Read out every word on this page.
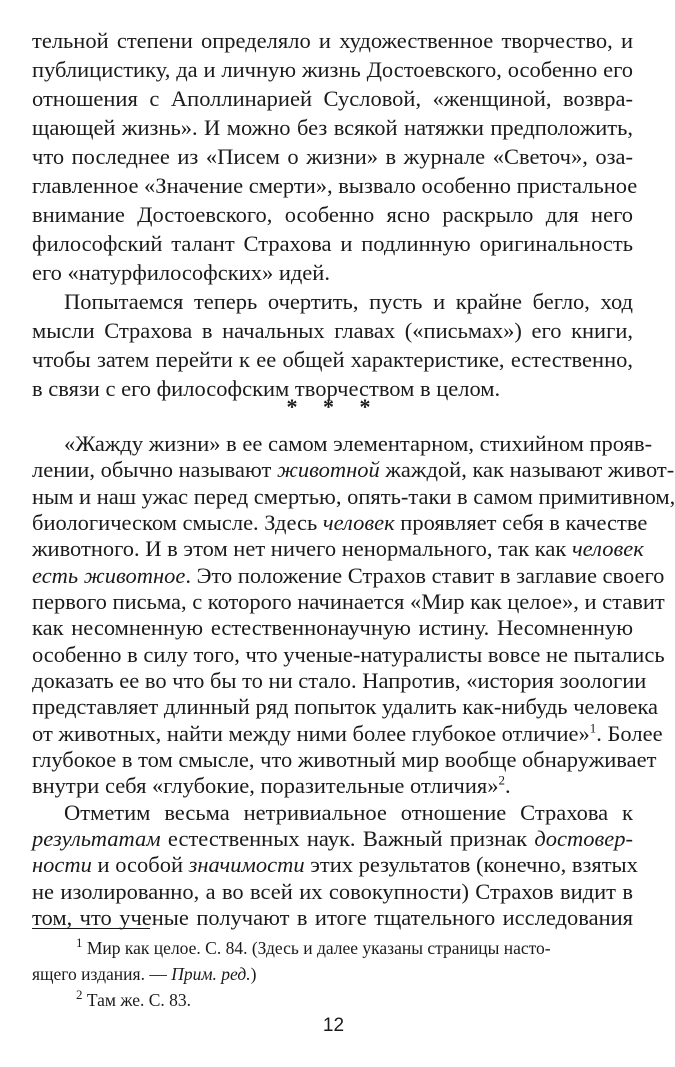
тельной степени определяло и художественное творчество, и
публицистику, да и личную жизнь Достоевского, особенно его
отношения с Аполлинарией Сусловой, «женщиной, возвра-
щающей жизнь». И можно без всякой натяжки предположить,
что последнее из «Писем о жизни» в журнале «Светоч», оза-
главленное «Значение смерти», вызвало особенно пристальное
внимание Достоевского, особенно ясно раскрыло для него
философский талант Страхова и подлинную оригинальность
его «натурфилософских» идей.
Попытаемся теперь очертить, пусть и крайне бегло, ход
мысли Страхова в начальных главах («письмах») его книги,
чтобы затем перейти к ее общей характеристике, естественно,
в связи с его философским творчеством в целом.
* * *
«Жажду жизни» в ее самом элементарном, стихийном прояв-
лении, обычно называют животной жаждой, как называют живот-
ным и наш ужас перед смертью, опять-таки в самом примитивном,
биологическом смысле. Здесь человек проявляет себя в качестве
животного. И в этом нет ничего ненормального, так как человек
есть животное. Это положение Страхов ставит в заглавие своего
первого письма, с которого начинается «Мир как целое», и ставит
как несомненную естественнонаучную истину. Несомненную
особенно в силу того, что ученые-натуралисты вовсе не пытались
доказать ее во что бы то ни стало. Напротив, «история зоологии
представляет длинный ряд попыток удалить как-нибудь человека
от животных, найти между ними более глубокое отличие»$^1$. Более
глубокое в том смысле, что животный мир вообще обнаруживает
внутри себя «глубокие, поразительные отличия»$^2$.
Отметим весьма нетривиальное отношение Страхова к
результатам естественных наук. Важный признак достовер-
ности и особой значимости этих результатов (конечно, взятых
не изолированно, а во всей их совокупности) Страхов видит в
том, что ученые получают в итоге тщательного исследования
$^1$ Мир как целое. С. 84. (Здесь и далее указаны страницы насто-
ящего издания. — Прим. ред.)
$^2$ Там же. С. 83.
12
